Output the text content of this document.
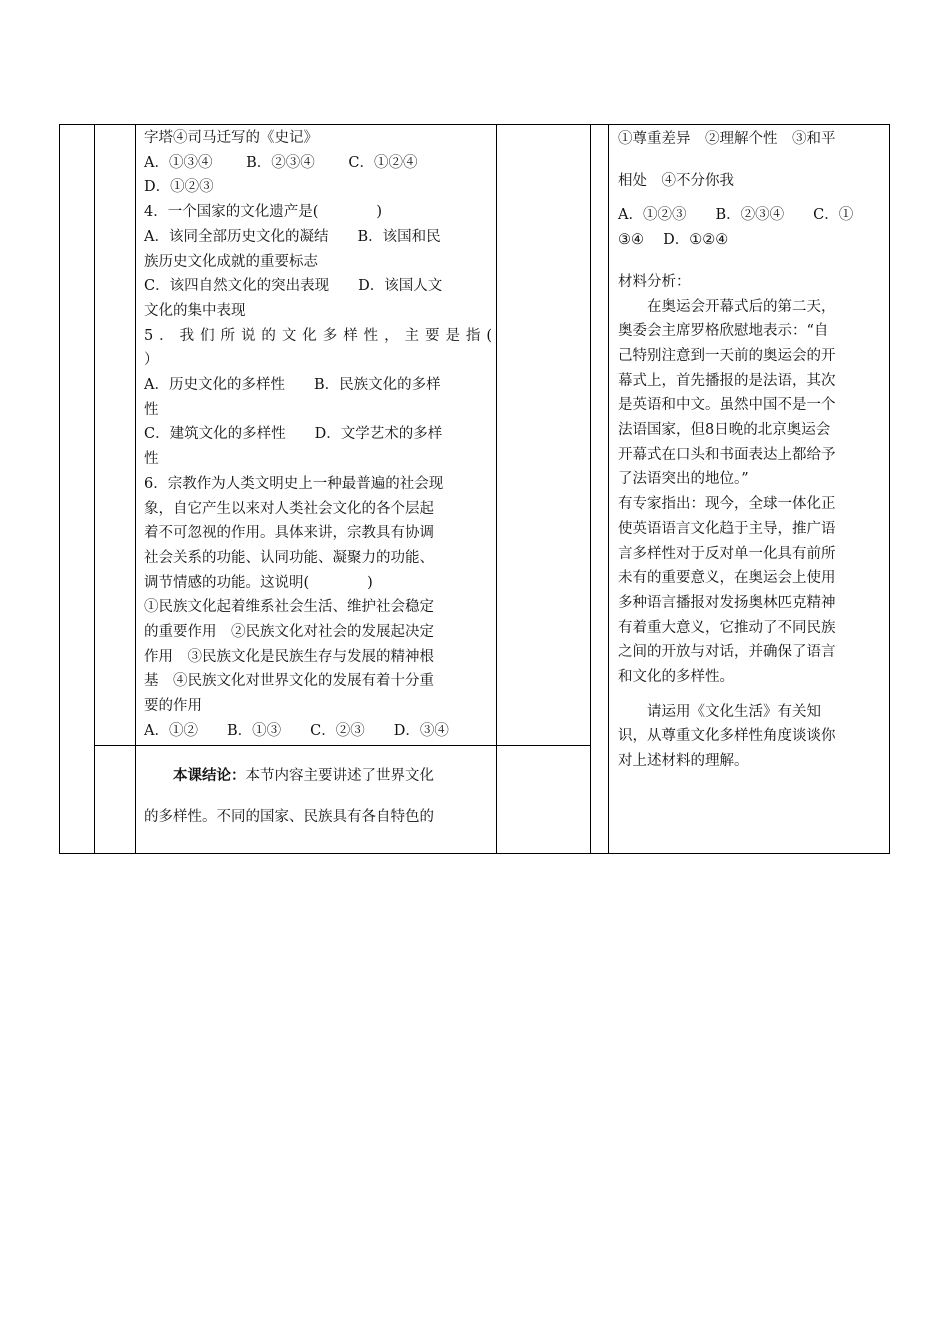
字塔④司马迁写的《史记》

A．①③④　　 B．②③④　　 C．①②④

D．①②③

4．一个国家的文化遗产是(　　　　)

A．该同全部历史文化的凝结　　B．该国和民

族历史文化成就的重要标志

C．该四自然文化的突出表现　　D．该国人文

文化的集中表现

5．我们所说的文化多样性，主要是指(

）

A．历史文化的多样性　　B．民族文化的多样

性

C．建筑文化的多样性　　D．文学艺术的多样

性

6．宗教作为人类文明史上一种最普遍的社会现

象，自它产生以来对人类社会文化的各个层起

着不可忽视的作用。具体来讲，宗教具有协调

社会关系的功能、认同功能、凝聚力的功能、

调节情感的功能。这说明(　　　　)

①民族文化起着维系社会生活、维护社会稳定

的重要作用　②民族文化对社会的发展起决定

作用　③民族文化是民族生存与发展的精神根

基　④民族文化对世界文化的发展有着十分重

要的作用

A．①②　　B．①③　　C．②③　　D．③④

本课结论：本节内容主要讲述了世界文化

的多样性。不同的国家、民族具有各自特色的

①尊重差异　②理解个性　③和平

相处　④不分你我

A．①②③　　B．②③④　　C．①

③④　 D．①②④

材料分析：

在奥运会开幕式后的第二天，

奥委会主席罗格欣慰地表示：“自

己特别注意到一天前的奥运会的开

幕式上，首先播报的是法语，其次

是英语和中文。虽然中国不是一个

法语国家，但8日晚的北京奥运会

开幕式在口头和书面表达上都给予

了法语突出的地位。”

有专家指出：现今，全球一体化正

使英语语言文化趋于主导，推广语

言多样性对于反对单一化具有前所

未有的重要意义，在奥运会上使用

多种语言播报对发扬奥林匹克精神

有着重大意义，它推动了不同民族

之间的开放与对话，并确保了语言

和文化的多样性。

请运用《文化生活》有关知

识，从尊重文化多样性角度谈谈你

对上述材料的理解。
